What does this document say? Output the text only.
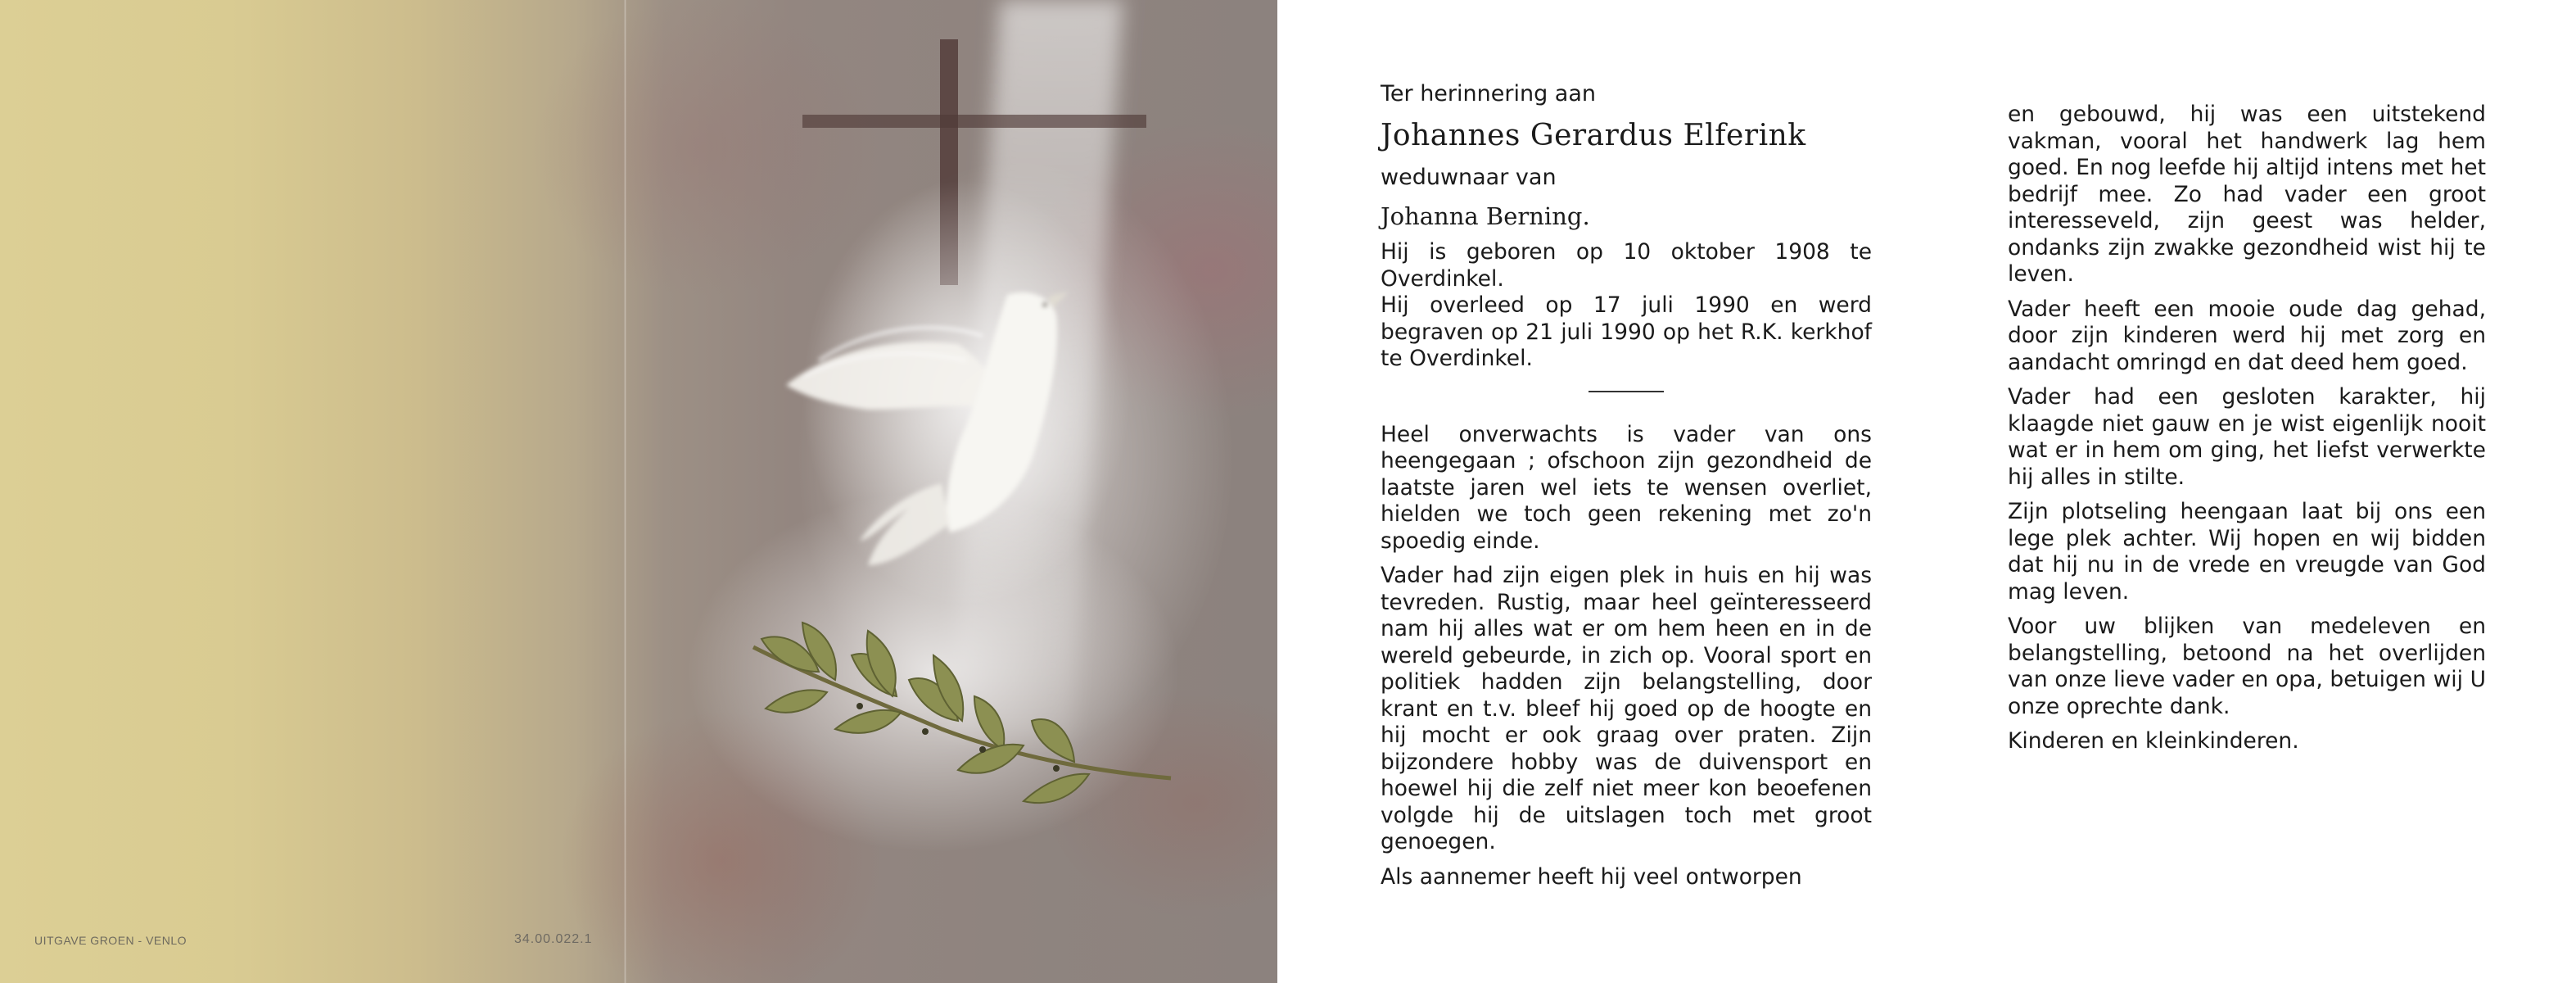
UITGAVE GROEN - VENLO	34.00.022.1

Ter herinnering aan

Johannes Gerardus Elferink

weduwnaar van

Johanna Berning.

Hij is geboren op 10 oktober 1908 te Overdinkel.

Hij overleed op 17 juli 1990 en werd begraven op 21 juli 1990 op het R.K. kerkhof te Overdinkel.

Heel onverwachts is vader van ons heengegaan ; ofschoon zijn gezondheid de laatste jaren wel iets te wensen overliet, hielden we toch geen rekening met zo'n spoedig einde.

Vader had zijn eigen plek in huis en hij was tevreden. Rustig, maar heel geïnteresseerd nam hij alles wat er om hem heen en in de wereld gebeurde, in zich op. Vooral sport en politiek hadden zijn belangstelling, door krant en t.v. bleef hij goed op de hoogte en hij mocht er ook graag over praten. Zijn bijzondere hobby was de duivensport en hoewel hij die zelf niet meer kon beoefenen volgde hij de uitslagen toch met groot genoegen.

Als aannemer heeft hij veel ontworpen

en gebouwd, hij was een uitstekend vakman, vooral het handwerk lag hem goed. En nog leefde hij altijd intens met het bedrijf mee. Zo had vader een groot interesseveld, zijn geest was helder, ondanks zijn zwakke gezondheid wist hij te leven.

Vader heeft een mooie oude dag gehad, door zijn kinderen werd hij met zorg en aandacht omringd en dat deed hem goed.

Vader had een gesloten karakter, hij klaagde niet gauw en je wist eigenlijk nooit wat er in hem om ging, het liefst verwerkte hij alles in stilte.

Zijn plotseling heengaan laat bij ons een lege plek achter. Wij hopen en wij bidden dat hij nu in de vrede en vreugde van God mag leven.

Voor uw blijken van medeleven en belangstelling, betoond na het overlijden van onze lieve vader en opa, betuigen wij U onze oprechte dank.

Kinderen en kleinkinderen.
